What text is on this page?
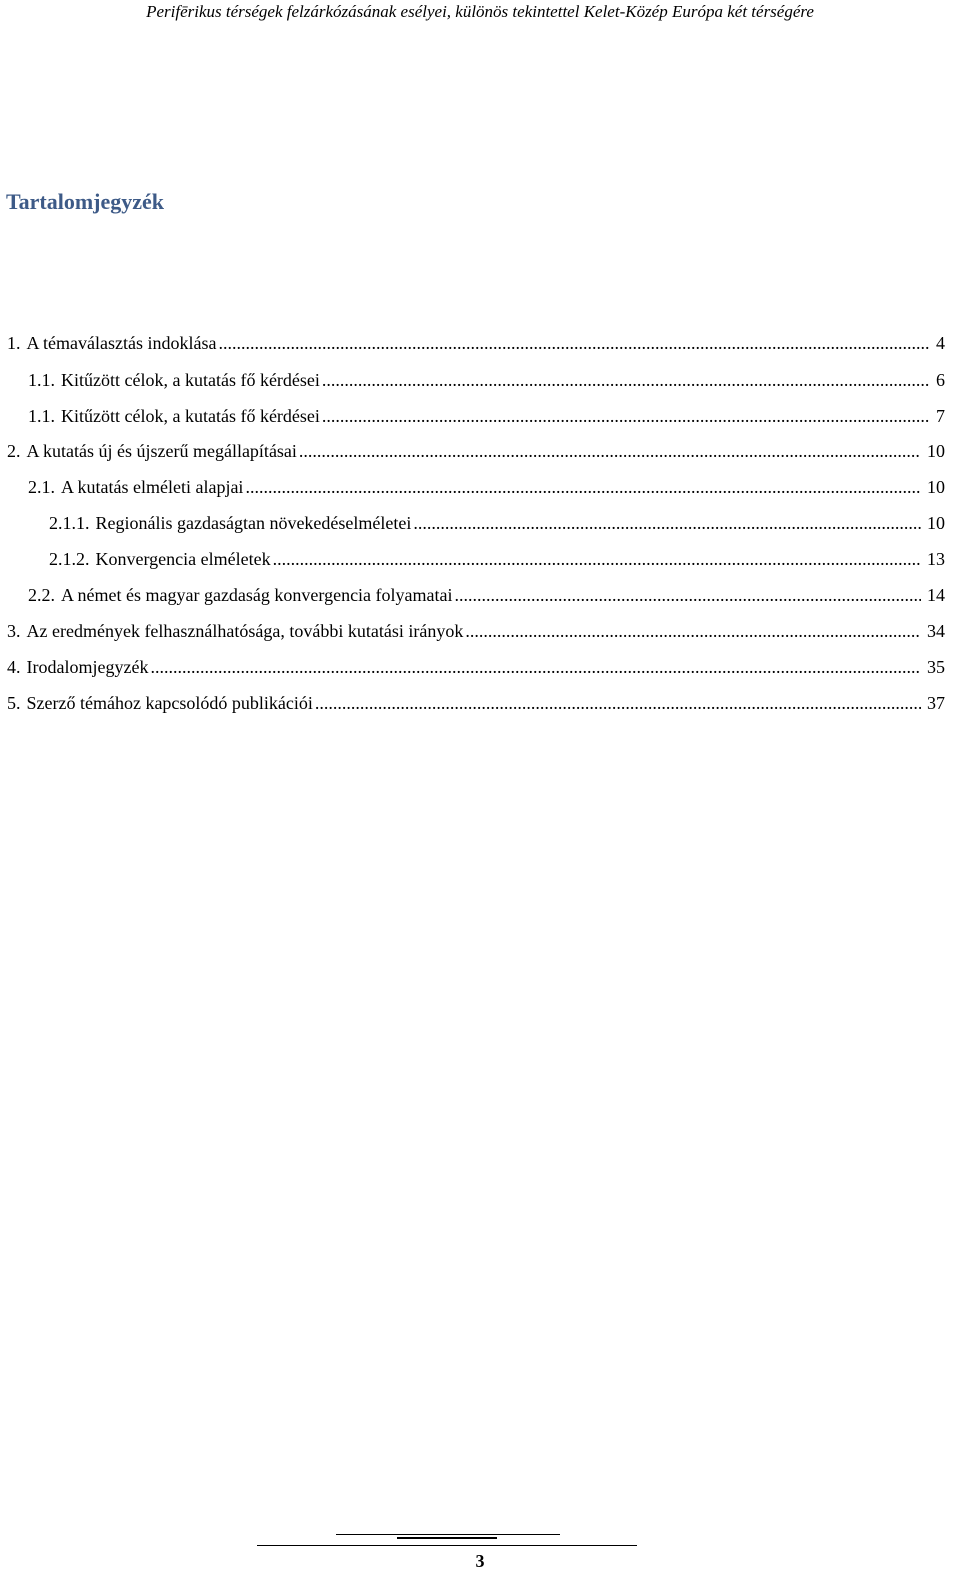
Perifērikus térségek felzárkózásának esélyei, különös tekintettel Kelet-Közép Európa két térségére
Tartalomjegyzék
1. A témaválasztás indoklása .....	4
1.1. Kitűzött célok, a kutatás fő kérdései .....	6
1.1. Kitűzött célok, a kutatás fő kérdései .....	7
2. A kutatás új és újszerű megállapításai .....	10
2.1. A kutatás elméleti alapjai .....	10
2.1.1. Regionális gazdaságtan növekedéselméletei .....	10
2.1.2. Konvergencia elméletek .....	13
2.2. A német és magyar gazdaság konvergencia folyamatai .....	14
3. Az eredmények felhasználhatósága, további kutatási irányok .....	34
4. Irodalomjegyzék .....	35
5. Szerző témához kapcsolódó publikációi .....	37
3
